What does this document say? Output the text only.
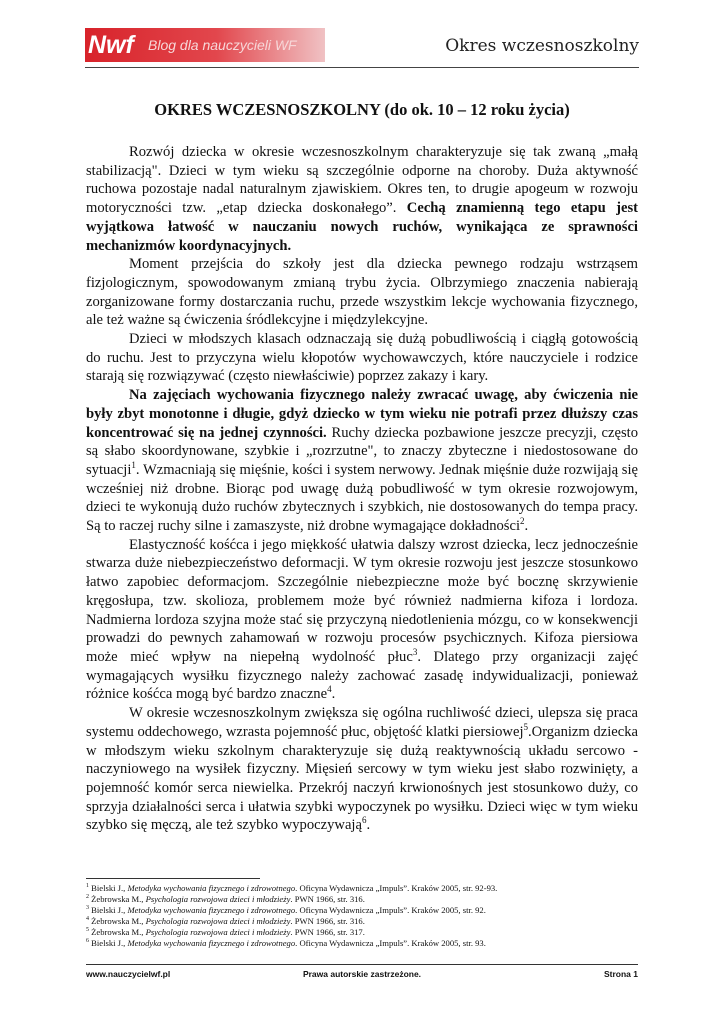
Nwf	Blog dla nauczycieli WF	Okres wczesnoszkolny
OKRES WCZESNOSZKOLNY (do ok. 10 – 12 roku życia)

Rozwój dziecka w okresie wczesnoszkolnym charakteryzuje się tak zwaną „małą stabilizacją". Dzieci w tym wieku są szczególnie odporne na choroby. Duża aktywność ruchowa pozostaje nadal naturalnym zjawiskiem. Okres ten, to drugie apogeum w rozwoju motoryczności tzw. „etap dziecka doskonałego”. Cechą znamienną tego etapu jest wyjątkowa łatwość w nauczaniu nowych ruchów, wynikająca ze sprawności mechanizmów koordynacyjnych.

Moment przejścia do szkoły jest dla dziecka pewnego rodzaju wstrząsem fizjologicznym, spowodowanym zmianą trybu życia. Olbrzymiego znaczenia nabierają zorganizowane formy dostarczania ruchu, przede wszystkim lekcje wychowania fizycznego, ale też ważne są ćwiczenia śródlekcyjne i międzylekcyjne.

Dzieci w młodszych klasach odznaczają się dużą pobudliwością i ciągłą gotowością do ruchu. Jest to przyczyna wielu kłopotów wychowawczych, które nauczyciele i rodzice starają się rozwiązywać (często niewłaściwie) poprzez zakazy i kary.

Na zajęciach wychowania fizycznego należy zwracać uwagę, aby ćwiczenia nie były zbyt monotonne i długie, gdyż dziecko w tym wieku nie potrafi przez dłuższy czas koncentrować się na jednej czynności. Ruchy dziecka pozbawione jeszcze precyzji, często są słabo skoordynowane, szybkie i „rozrzutne", to znaczy zbyteczne i niedostosowane do sytuacji$^1$. Wzmacniają się mięśnie, kości i system nerwowy. Jednak mięśnie duże rozwijają się wcześniej niż drobne. Biorąc pod uwagę dużą pobudliwość w tym okresie rozwojowym, dzieci te wykonują dużo ruchów zbytecznych i szybkich, nie dostosowanych do tempa pracy. Są to raczej ruchy silne i zamaszyste, niż drobne wymagające dokładności$^2$.

Elastyczność kośćca i jego miękkość ułatwia dalszy wzrost dziecka, lecz jednocześnie stwarza duże niebezpieczeństwo deformacji. W tym okresie rozwoju jest jeszcze stosunkowo łatwo zapobiec deformacjom. Szczególnie niebezpieczne może być bocznę skrzywienie kręgosłupa, tzw. skolioza, problemem może być również nadmierna kifoza i lordoza. Nadmierna lordoza szyjna może stać się przyczyną niedotlenienia mózgu, co w konsekwencji prowadzi do pewnych zahamowań w rozwoju procesów psychicznych. Kifoza piersiowa może mieć wpływ na niepełną wydolność płuc$^3$. Dlatego przy organizacji zajęć wymagających wysiłku fizycznego należy zachować zasadę indywidualizacji, ponieważ różnice kośćca mogą być bardzo znaczne$^4$.

W okresie wczesnoszkolnym zwiększa się ogólna ruchliwość dzieci, ulepsza się praca systemu oddechowego, wzrasta pojemność płuc, objętość klatki piersiowej$^5$.Organizm dziecka w młodszym wieku szkolnym charakteryzuje się dużą reaktywnością układu sercowo - naczyniowego na wysiłek fizyczny. Mięsień sercowy w tym wieku jest słabo rozwinięty, a pojemność komór serca niewielka. Przekrój naczyń krwionośnych jest stosunkowo duży, co sprzyja działalności serca i ułatwia szybki wypoczynek po wysiłku. Dzieci więc w tym wieku szybko się męczą, ale też szybko wypoczywają$^6$.

$^1$ Bielski J., Metodyka wychowania fizycznego i zdrowotnego. Oficyna Wydawnicza „Impuls”. Kraków 2005, str. 92-93.
$^2$ Żebrowska M., Psychologia rozwojowa dzieci i młodzieży. PWN 1966, str. 316.
$^3$ Bielski J., Metodyka wychowania fizycznego i zdrowotnego. Oficyna Wydawnicza „Impuls”. Kraków 2005, str. 92.
$^4$ Żebrowska M., Psychologia rozwojowa dzieci i młodzieży. PWN 1966, str. 316.
$^5$ Żebrowska M., Psychologia rozwojowa dzieci i młodzieży. PWN 1966, str. 317.
$^6$ Bielski J., Metodyka wychowania fizycznego i zdrowotnego. Oficyna Wydawnicza „Impuls”. Kraków 2005, str. 93.
www.nauczycielwf.pl	Prawa autorskie zastrzeżone.	Strona 1
